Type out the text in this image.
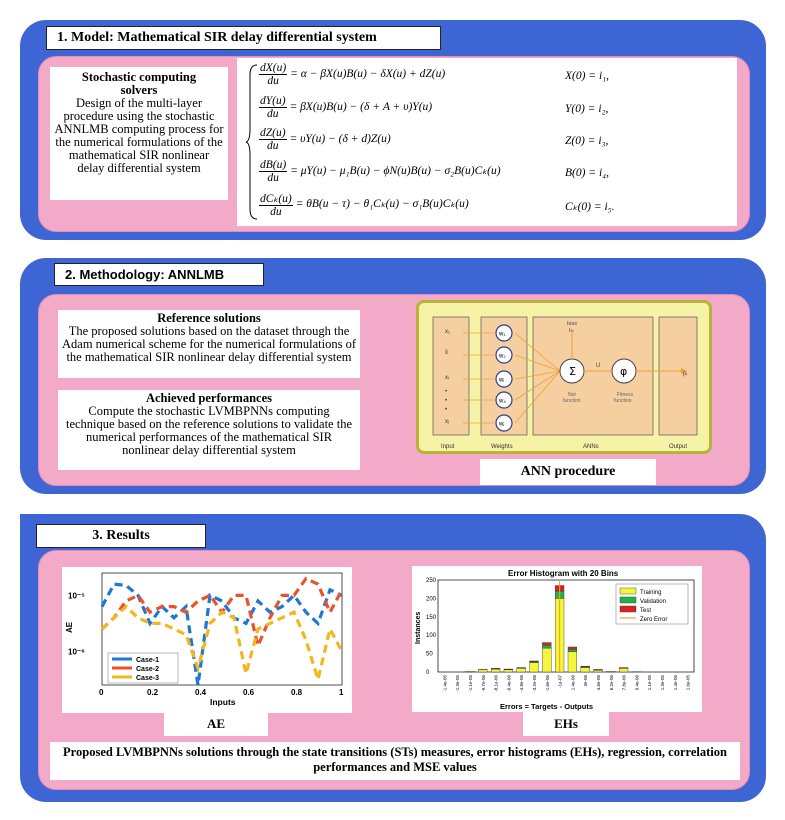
1. Model: Mathematical SIR delay differential system
Stochastic computing solvers
Design of the multi-layer procedure using the stochastic ANNLMB computing process for the numerical formulations of the mathematical SIR nonlinear delay differential system
$\frac{dX(u)}{du} = \alpha - \beta X(u)B(u) - \delta X(u) + dZ(u)$	X(0) = i₁,
$\frac{dY(u)}{du} = \beta X(u)B(u) - (\delta + A + \upsilon)Y(u)$	Y(0) = i₂,
$\frac{dZ(u)}{du} = \upsilon Y(u) - (\delta + d)Z(u)$	Z(0) = i₃,
$\frac{dB(u)}{du} = \mu Y(u) - \mu_1B(u) - \phi N(u)B(u) - \sigma_2B(u)C_k(u)$	B(0) = i₄,
$\frac{\text{dCₖ(u)}}{du} = \theta B(u - \tau) - \theta_1C_k(u) - \sigma_1B(u)C_k(u)$	Cₖ(0) = i₅.
2. Methodology: ANNLMB
Reference solutions
The proposed solutions based on the dataset through the Adam numerical scheme for the numerical formulations of the mathematical SIR nonlinear delay differential system
Achieved performances
Compute the stochastic LVMBPNNs computing technique based on the reference solutions to validate the numerical performances of the mathematical SIR nonlinear delay differential system
w₁
w₂
wᵢ
w₄
wⱼ
Σ	φ
bias
bₖ
U
Net function
Fitness function
pᵢ
Input	Weights	ANNs	Output
x₁
x̄
xᵢ
•
•
•
xⱼ
ANN procedure
3. Results
0	0.2	0.4	0.6	0.8	1
10⁻⁵
10⁻⁶
Inputs
AE
Case-1
Case-2
Case-3
AE
Error Histogram with 20 Bins
-1.4e-05 -1.3e-05 -1.1e-05 -9.7e-06 -8.1e-06 -6.4e-06 -4.8e-06 -3.2e-06 -1.6e-06 -1e-07 1.4e-06 3e-06 4.6e-06 6.2e-06 7.8e-06 9.4e-06 1.1e-05 1.3e-05 1.4e-05 1.6e-05
0
50
100
150
200
250
Instances
Errors = Targets - Outputs
Training
Validation
Test
Zero Error
EHs
Proposed LVMBPNNs solutions through the state transitions (STs) measures, error histograms (EHs), regression, correlation performances and MSE values
